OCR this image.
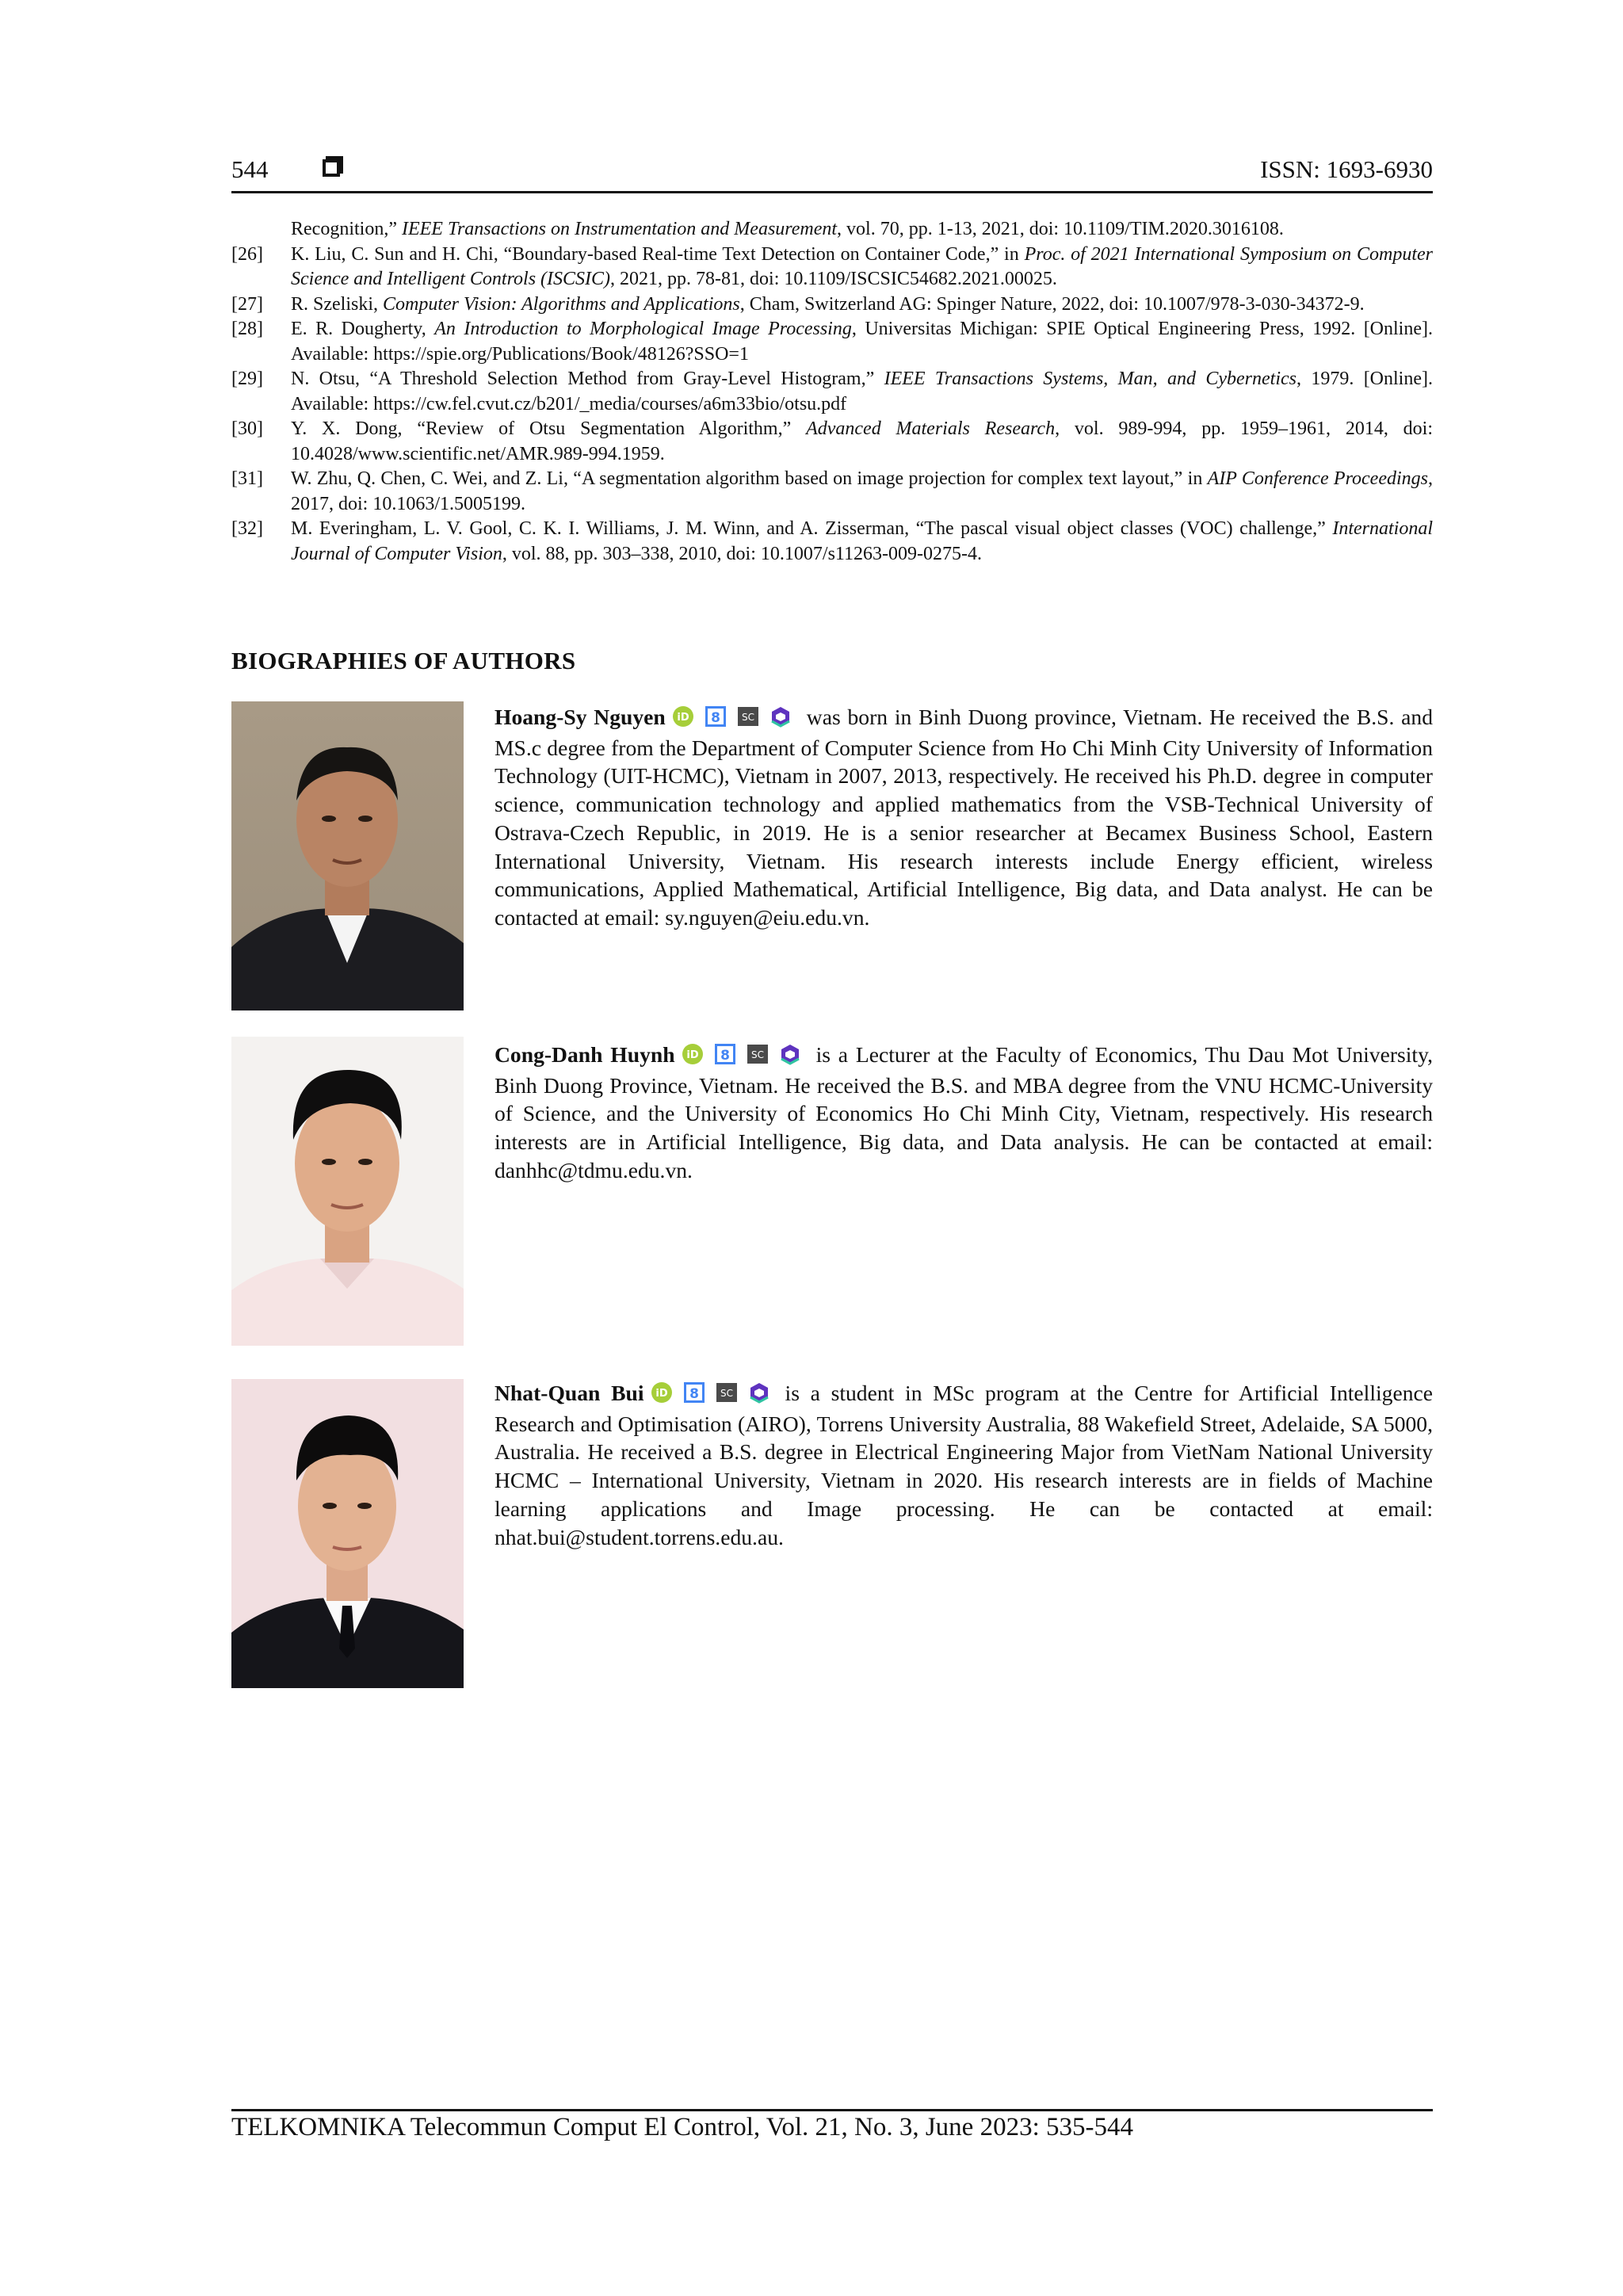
544	ISSN: 1693-6930
Recognition,” IEEE Transactions on Instrumentation and Measurement, vol. 70, pp. 1-13, 2021, doi: 10.1109/TIM.2020.3016108.
[26]	K. Liu, C. Sun and H. Chi, “Boundary-based Real-time Text Detection on Container Code,” in Proc. of 2021 International Symposium on Computer Science and Intelligent Controls (ISCSIC), 2021, pp. 78-81, doi: 10.1109/ISCSIC54682.2021.00025.
[27]	R. Szeliski, Computer Vision: Algorithms and Applications, Cham, Switzerland AG: Spinger Nature, 2022, doi: 10.1007/978-3-030-34372-9.
[28]	E. R. Dougherty, An Introduction to Morphological Image Processing, Universitas Michigan: SPIE Optical Engineering Press, 1992. [Online]. Available: https://spie.org/Publications/Book/48126?SSO=1
[29]	N. Otsu, “A Threshold Selection Method from Gray-Level Histogram,” IEEE Transactions Systems, Man, and Cybernetics, 1979. [Online]. Available: https://cw.fel.cvut.cz/b201/_media/courses/a6m33bio/otsu.pdf
[30]	Y. X. Dong, “Review of Otsu Segmentation Algorithm,” Advanced Materials Research, vol. 989-994, pp. 1959–1961, 2014, doi: 10.4028/www.scientific.net/AMR.989-994.1959.
[31]	W. Zhu, Q. Chen, C. Wei, and Z. Li, “A segmentation algorithm based on image projection for complex text layout,” in AIP Conference Proceedings, 2017, doi: 10.1063/1.5005199.
[32]	M. Everingham, L. V. Gool, C. K. I. Williams, J. M. Winn, and A. Zisserman, “The pascal visual object classes (VOC) challenge,” International Journal of Computer Vision, vol. 88, pp. 303–338, 2010, doi: 10.1007/s11263-009-0275-4.
BIOGRAPHIES OF AUTHORS
Hoang-Sy Nguyen iD 8 SC was born in Binh Duong province, Vietnam. He received the B.S. and MS.c degree from the Department of Computer Science from Ho Chi Minh City University of Information Technology (UIT-HCMC), Vietnam in 2007, 2013, respectively. He received his Ph.D. degree in computer science, communication technology and applied mathematics from the VSB-Technical University of Ostrava-Czech Republic, in 2019. He is a senior researcher at Becamex Business School, Eastern International University, Vietnam. His research interests include Energy efficient, wireless communications, Applied Mathematical, Artificial Intelligence, Big data, and Data analyst. He can be contacted at email: sy.nguyen@eiu.edu.vn.
Cong-Danh Huynh iD 8 SC is a Lecturer at the Faculty of Economics, Thu Dau Mot University, Binh Duong Province, Vietnam. He received the B.S. and MBA degree from the VNU HCMC-University of Science, and the University of Economics Ho Chi Minh City, Vietnam, respectively. His research interests are in Artificial Intelligence, Big data, and Data analysis. He can be contacted at email: danhhc@tdmu.edu.vn.
Nhat-Quan Bui iD 8 SC is a student in MSc program at the Centre for Artificial Intelligence Research and Optimisation (AIRO), Torrens University Australia, 88 Wakefield Street, Adelaide, SA 5000, Australia. He received a B.S. degree in Electrical Engineering Major from VietNam National University HCMC – International University, Vietnam in 2020. His research interests are in fields of Machine learning applications and Image processing. He can be contacted at email: nhat.bui@student.torrens.edu.au.
TELKOMNIKA Telecommun Comput El Control, Vol. 21, No. 3, June 2023: 535-544
